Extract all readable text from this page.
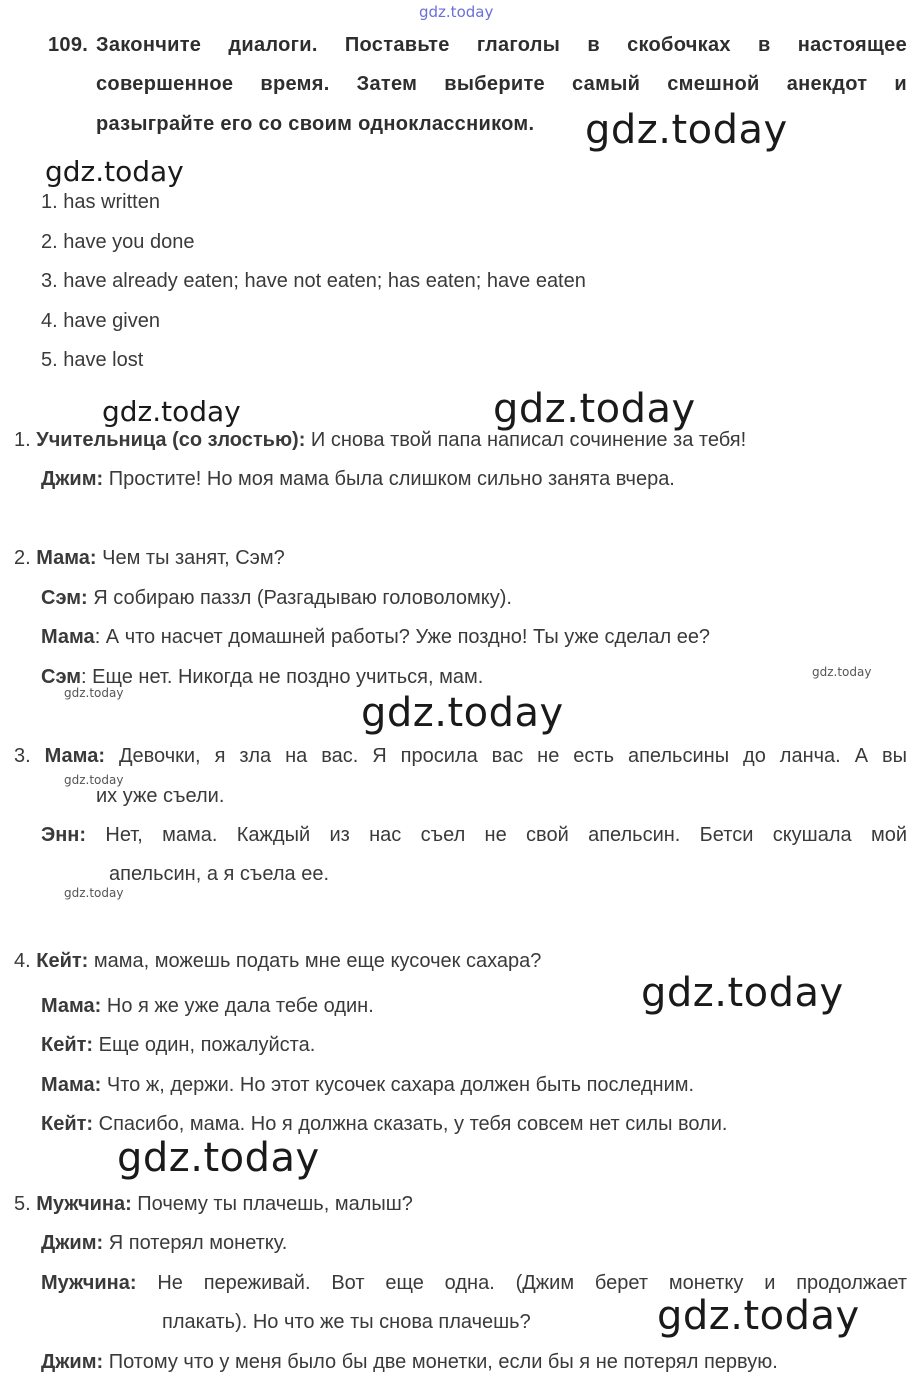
gdz.today
gdz.today
gdz.today
gdz.today	gdz.today
gdz.today
gdz.today	gdz.today
gdz.today
gdz.today
gdz.today
gdz.today
gdz.today
109. Закончите диалоги. Поставьте глаголы в скобочках в настоящее
совершенное время. Затем выберите самый смешной анекдот и
разыграйте его со своим одноклассником.
1. has written
2. have you done
3. have already eaten; have not eaten; has eaten; have eaten
4. have given
5. have lost
1. Учительница (со злостью): И снова твой папа написал сочинение за тебя!
Джим: Простите! Но моя мама была слишком сильно занята вчера.
2. Мама: Чем ты занят, Сэм?
Сэм: Я собираю паззл (Разгадываю головоломку).
Мама: А что насчет домашней работы? Уже поздно! Ты уже сделал ее?
Сэм: Еще нет. Никогда не поздно учиться, мам.
3. Мама: Девочки, я зла на вас. Я просила вас не есть апельсины до ланча. А вы
их уже съели.
Энн: Нет, мама. Каждый из нас съел не свой апельсин. Бетси скушала мой
апельсин, а я съела ее.
4. Кейт: мама, можешь подать мне еще кусочек сахара?
Мама: Но я же уже дала тебе один.
Кейт: Еще один, пожалуйста.
Мама: Что ж, держи. Но этот кусочек сахара должен быть последним.
Кейт: Спасибо, мама. Но я должна сказать, у тебя совсем нет силы воли.
5. Мужчина: Почему ты плачешь, малыш?
Джим: Я потерял монетку.
Мужчина: Не переживай. Вот еще одна. (Джим берет монетку и продолжает
плакать). Но что же ты снова плачешь?
Джим: Потому что у меня было бы две монетки, если бы я не потерял первую.
